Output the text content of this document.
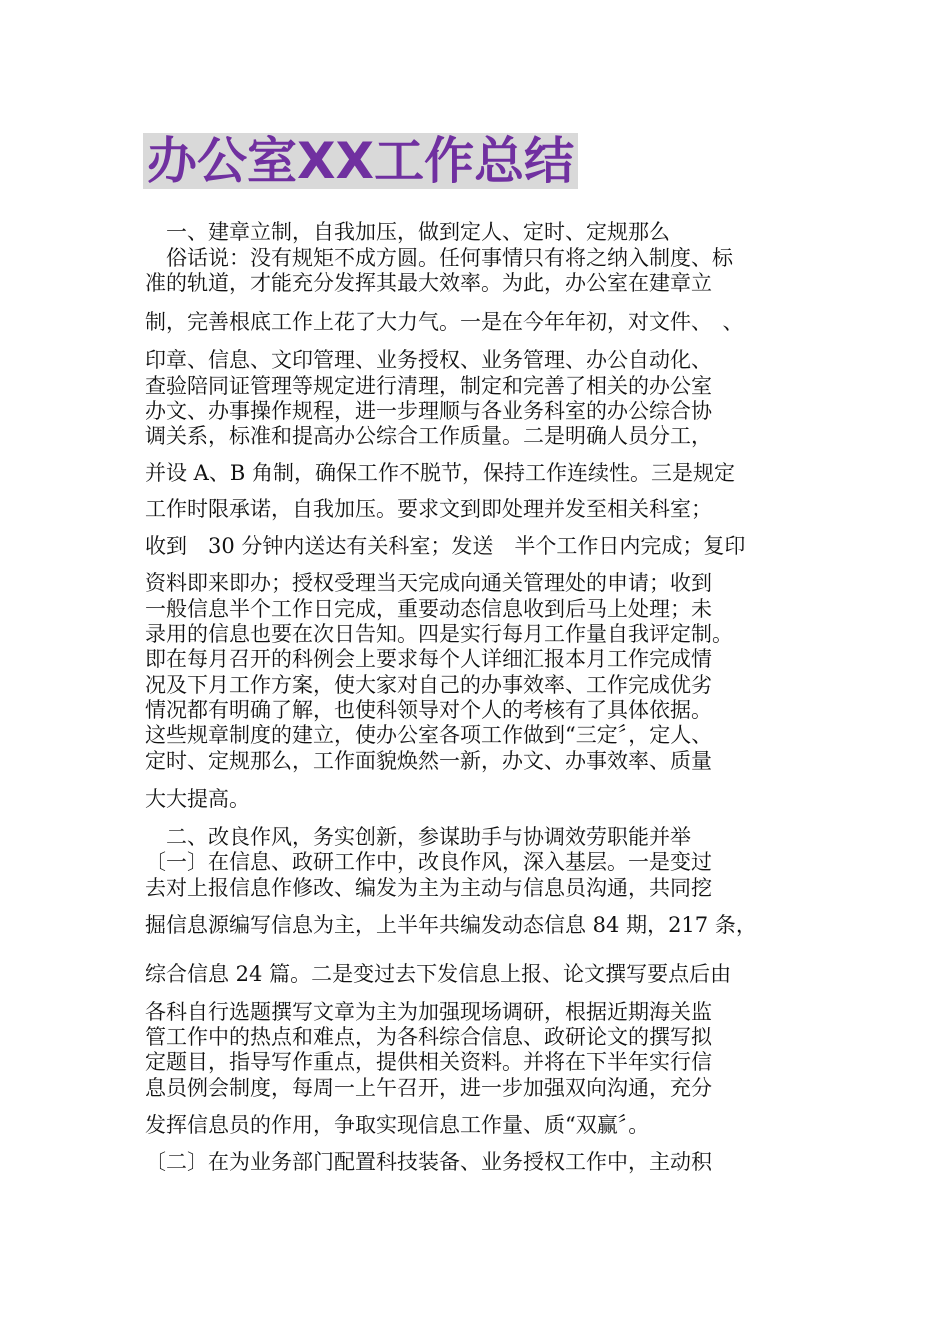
办公室XX工作总结
　一、建章立制，自我加压，做到定人、定时、定规那么
　俗话说：没有规矩不成方圆。任何事情只有将之纳入制度、标
准的轨道，才能充分发挥其最大效率。为此，办公室在建章立
制，完善根底工作上花了大力气。一是在今年年初，对文件、　、
印章、信息、文印管理、业务授权、业务管理、办公自动化、
查验陪同证管理等规定进行清理，制定和完善了相关的办公室
办文、办事操作规程，进一步理顺与各业务科室的办公综合协
调关系，标准和提高办公综合工作质量。二是明确人员分工，
并设 A、B 角制，确保工作不脱节，保持工作连续性。三是规定
工作时限承诺，自我加压。要求文到即处理并发至相关科室；
收到　30 分钟内送达有关科室；发送　半个工作日内完成；复印
资料即来即办；授权受理当天完成向通关管理处的申请；收到
一般信息半个工作日完成，重要动态信息收到后马上处理；未
录用的信息也要在次日告知。四是实行每月工作量自我评定制。
即在每月召开的科例会上要求每个人详细汇报本月工作完成情
况及下月工作方案，使大家对自己的办事效率、工作完成优劣
情况都有明确了解，也使科领导对个人的考核有了具体依据。
这些规章制度的建立，使办公室各项工作做到“三定〞，定人、
定时、定规那么，工作面貌焕然一新，办文、办事效率、质量
大大提高。
　二、改良作风，务实创新，参谋助手与协调效劳职能并举
〔一〕在信息、政研工作中，改良作风，深入基层。一是变过
去对上报信息作修改、编发为主为主动与信息员沟通，共同挖
掘信息源编写信息为主，上半年共编发动态信息 84 期，217 条，
综合信息 24 篇。二是变过去下发信息上报、论文撰写要点后由
各科自行选题撰写文章为主为加强现场调研，根据近期海关监
管工作中的热点和难点，为各科综合信息、政研论文的撰写拟
定题目，指导写作重点，提供相关资料。并将在下半年实行信
息员例会制度，每周一上午召开，进一步加强双向沟通，充分
发挥信息员的作用，争取实现信息工作量、质“双赢〞。
〔二〕在为业务部门配置科技装备、业务授权工作中，主动积
